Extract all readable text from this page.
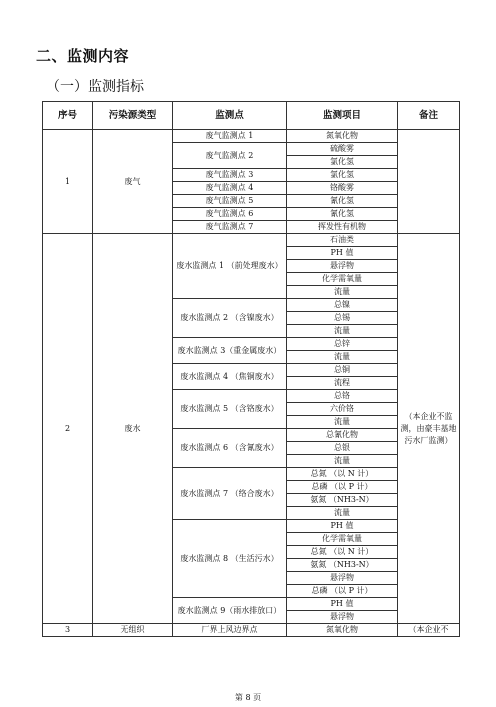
二、监测内容
（一）监测指标
序号	污染源类型	监测点	监测项目	备注
1	废气	废气监测点 1	氮氧化物	
		废气监测点 2	硫酸雾	
			氯化氢	
		废气监测点 3	氯化氢	
		废气监测点 4	铬酸雾	
		废气监测点 5	氰化氢	
		废气监测点 6	氰化氢	
		废气监测点 7	挥发性有机物	
2	废水	废水监测点 1 （前处理废水）	石油类	（本企业不监测，由豪丰基地污水厂监测）
			PH 值	
			悬浮物	
			化学需氧量	
			流量	
		废水监测点 2 （含镍废水）	总镍	
			总锡	
			流量	
		废水监测点 3（重金属废水）	总锌	
			流量	
		废水监测点 4 （焦铜废水）	总铜	
			流程	
		废水监测点 5 （含铬废水）	总铬	
			六价铬	
			流量	
		废水监测点 6 （含氰废水）	总氰化物	
			总银	
			流量	
		废水监测点 7 （络合废水）	总氮 （以 N 计）	
			总磷 （以 P 计）	
			氨氮 （NH3-N）	
			流量	
		废水监测点 8 （生活污水）	PH 值	
			化学需氧量	
			总氮 （以 N 计）	
			氨氮 （NH3-N）	
			悬浮物	
			总磷 （以 P 计）	
		废水监测点 9（雨水排放口）	PH 值	
			悬浮物	
3	无组织	厂界上风边界点	氮氧化物	（本企业不
第 8 页
